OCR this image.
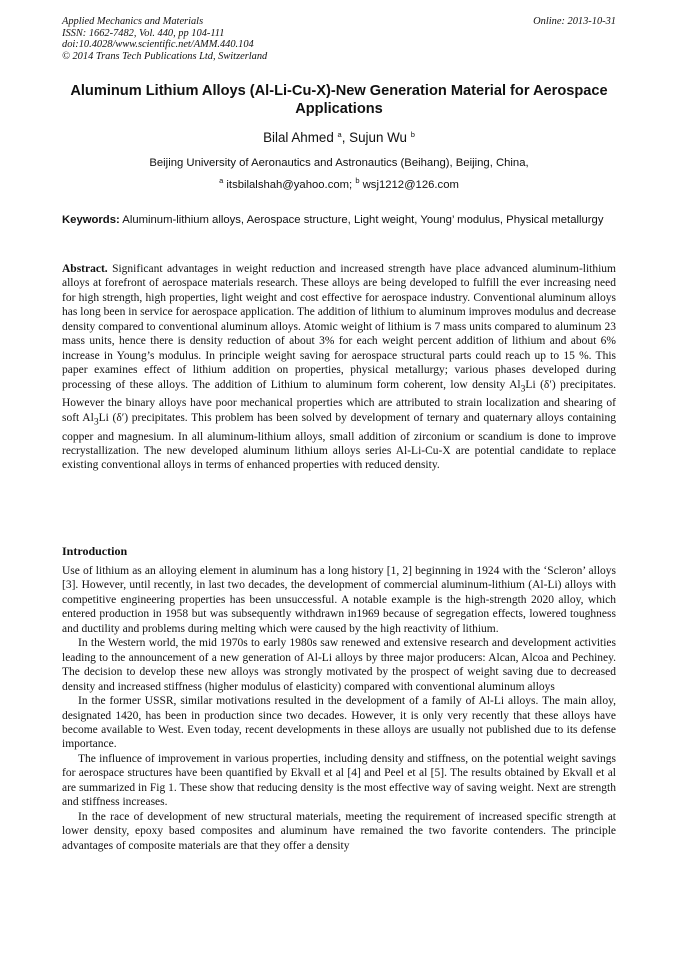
Applied Mechanics and Materials
ISSN: 1662-7482, Vol. 440, pp 104-111
doi:10.4028/www.scientific.net/AMM.440.104
© 2014 Trans Tech Publications Ltd, Switzerland
Online: 2013-10-31
Aluminum Lithium Alloys (Al-Li-Cu-X)-New Generation Material for Aerospace Applications
Bilal Ahmed $^a$, Sujun Wu $^b$
Beijing University of Aeronautics and Astronautics (Beihang), Beijing, China,
$^a$ itsbilalshah@yahoo.com; $^b$ wsj1212@126.com
Keywords: Aluminum-lithium alloys, Aerospace structure, Light weight, Young’ modulus, Physical metallurgy

Abstract. Significant advantages in weight reduction and increased strength have place advanced aluminum-lithium alloys at forefront of aerospace materials research. These alloys are being developed to fulfill the ever increasing need for high strength, high properties, light weight and cost effective for aerospace industry. Conventional aluminum alloys has long been in service for aerospace application. The addition of lithium to aluminum improves modulus and decrease density compared to conventional aluminum alloys. Atomic weight of lithium is 7 mass units compared to aluminum 23 mass units, hence there is density reduction of about 3% for each weight percent addition of lithium and about 6% increase in Young’s modulus. In principle weight saving for aerospace structural parts could reach up to 15 %. This paper examines effect of lithium addition on properties, physical metallurgy; various phases developed during processing of these alloys. The addition of Lithium to aluminum form coherent, low density $Al_3Li$ (δ′) precipitates. However the binary alloys have poor mechanical properties which are attributed to strain localization and shearing of soft $Al_3Li$ (δ′) precipitates. This problem has been solved by development of ternary and quaternary alloys containing copper and magnesium. In all aluminum-lithium alloys, small addition of zirconium or scandium is done to improve recrystallization. The new developed aluminum lithium alloys series Al-Li-Cu-X are potential candidate to replace existing conventional alloys in terms of enhanced properties with reduced density.

Introduction

Use of lithium as an alloying element in aluminum has a long history [1, 2] beginning in 1924 with the ‘Scleron’ alloys [3]. However, until recently, in last two decades, the development of commercial aluminum-lithium (Al-Li) alloys with competitive engineering properties has been unsuccessful. A notable example is the high-strength 2020 alloy, which entered production in 1958 but was subsequently withdrawn in1969 because of segregation effects, lowered toughness and ductility and problems during melting which were caused by the high reactivity of lithium.

In the Western world, the mid 1970s to early 1980s saw renewed and extensive research and development activities leading to the announcement of a new generation of Al-Li alloys by three major producers: Alcan, Alcoa and Pechiney. The decision to develop these new alloys was strongly motivated by the prospect of weight saving due to decreased density and increased stiffness (higher modulus of elasticity) compared with conventional aluminum alloys

In the former USSR, similar motivations resulted in the development of a family of Al-Li alloys. The main alloy, designated 1420, has been in production since two decades. However, it is only very recently that these alloys have become available to West. Even today, recent developments in these alloys are usually not published due to its defense importance.

The influence of improvement in various properties, including density and stiffness, on the potential weight savings for aerospace structures have been quantified by Ekvall et al [4] and Peel et al [5]. The results obtained by Ekvall et al are summarized in Fig 1. These show that reducing density is the most effective way of saving weight. Next are strength and stiffness increases.

In the race of development of new structural materials, meeting the requirement of increased specific strength at lower density, epoxy based composites and aluminum have remained the two favorite contenders. The principle advantages of composite materials are that they offer a density
